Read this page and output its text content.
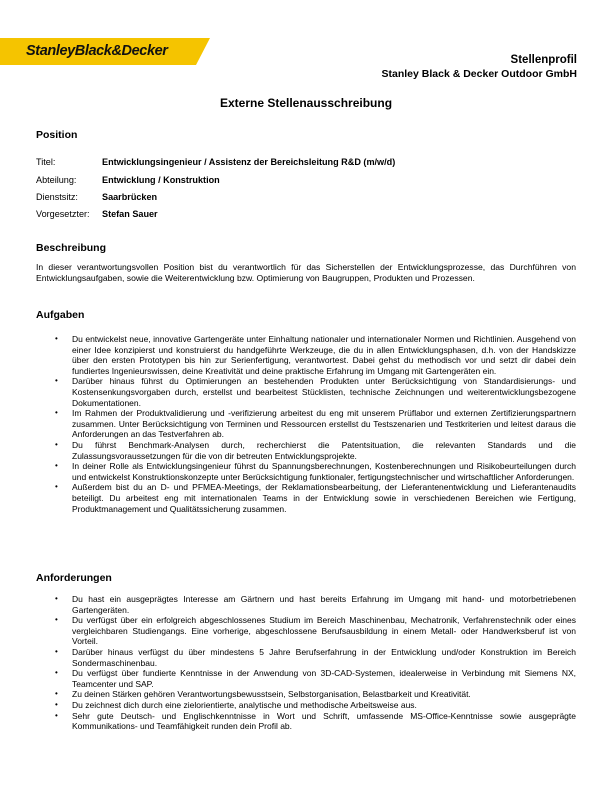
StanleyBlack&Decker
Stellenprofil
Stanley Black & Decker Outdoor GmbH
Externe Stellenausschreibung
Position
Titel:	Entwicklungsingenieur / Assistenz der Bereichsleitung R&D (m/w/d)
Abteilung:	Entwicklung / Konstruktion
Dienstsitz:	Saarbrücken
Vorgesetzter: Stefan Sauer
Beschreibung
In dieser verantwortungsvollen Position bist du verantwortlich für das Sicherstellen der Entwicklungsprozesse, das Durchführen von Entwicklungsaufgaben, sowie die Weiterentwicklung bzw. Optimierung von Baugruppen, Produkten und Prozessen.
Aufgaben
• Du entwickelst neue, innovative Gartengeräte unter Einhaltung nationaler und internationaler Normen und Richtlinien. Ausgehend von einer Idee konzipierst und konstruierst du handgeführte Werkzeuge, die du in allen Entwicklungsphasen, d.h. von der Handskizze über den ersten Prototypen bis hin zur Serienfertigung, verantwortest. Dabei gehst du methodisch vor und setzt dir dabei dein fundiertes Ingenieurswissen, deine Kreativität und deine praktische Erfahrung im Umgang mit Gartengeräten ein.
• Darüber hinaus führst du Optimierungen an bestehenden Produkten unter Berücksichtigung von Standardisierungs- und Kostensenkungsvorgaben durch, erstellst und bearbeitest Stücklisten, technische Zeichnungen und weiterentwicklungsbezogene Dokumentationen.
• Im Rahmen der Produktvalidierung und -verifizierung arbeitest du eng mit unserem Prüflabor und externen Zertifizierungspartnern zusammen. Unter Berücksichtigung von Terminen und Ressourcen erstellst du Testszenarien und Testkriterien und leitest daraus die Anforderungen an das Testverfahren ab.
• Du führst Benchmark-Analysen durch, recherchierst die Patentsituation, die relevanten Standards und die Zulassungsvoraussetzungen für die von dir betreuten Entwicklungsprojekte.
• In deiner Rolle als Entwicklungsingenieur führst du Spannungsberechnungen, Kostenberechnungen und Risikobeurteilungen durch und entwickelst Konstruktionskonzepte unter Berücksichtigung funktionaler, fertigungstechnischer und wirtschaftlicher Anforderungen.
• Außerdem bist du an D- und PFMEA-Meetings, der Reklamationsbearbeitung, der Lieferantenentwicklung und Lieferantenaudits beteiligt. Du arbeitest eng mit internationalen Teams in der Entwicklung sowie in verschiedenen Bereichen wie Fertigung, Produktmanagement und Qualitätssicherung zusammen.
Anforderungen
• Du hast ein ausgeprägtes Interesse am Gärtnern und hast bereits Erfahrung im Umgang mit hand- und motorbetriebenen Gartengeräten.
• Du verfügst über ein erfolgreich abgeschlossenes Studium im Bereich Maschinenbau, Mechatronik, Verfahrenstechnik oder eines vergleichbaren Studiengangs. Eine vorherige, abgeschlossene Berufsausbildung in einem Metall- oder Handwerksberuf ist von Vorteil.
• Darüber hinaus verfügst du über mindestens 5 Jahre Berufserfahrung in der Entwicklung und/oder Konstruktion im Bereich Sondermaschinenbau.
• Du verfügst über fundierte Kenntnisse in der Anwendung von 3D-CAD-Systemen, idealerweise in Verbindung mit Siemens NX, Teamcenter und SAP.
• Zu deinen Stärken gehören Verantwortungsbewusstsein, Selbstorganisation, Belastbarkeit und Kreativität.
• Du zeichnest dich durch eine zielorientierte, analytische und methodische Arbeitsweise aus.
• Sehr gute Deutsch- und Englischkenntnisse in Wort und Schrift, umfassende MS-Office-Kenntnisse sowie ausgeprägte Kommunikations- und Teamfähigkeit runden dein Profil ab.
